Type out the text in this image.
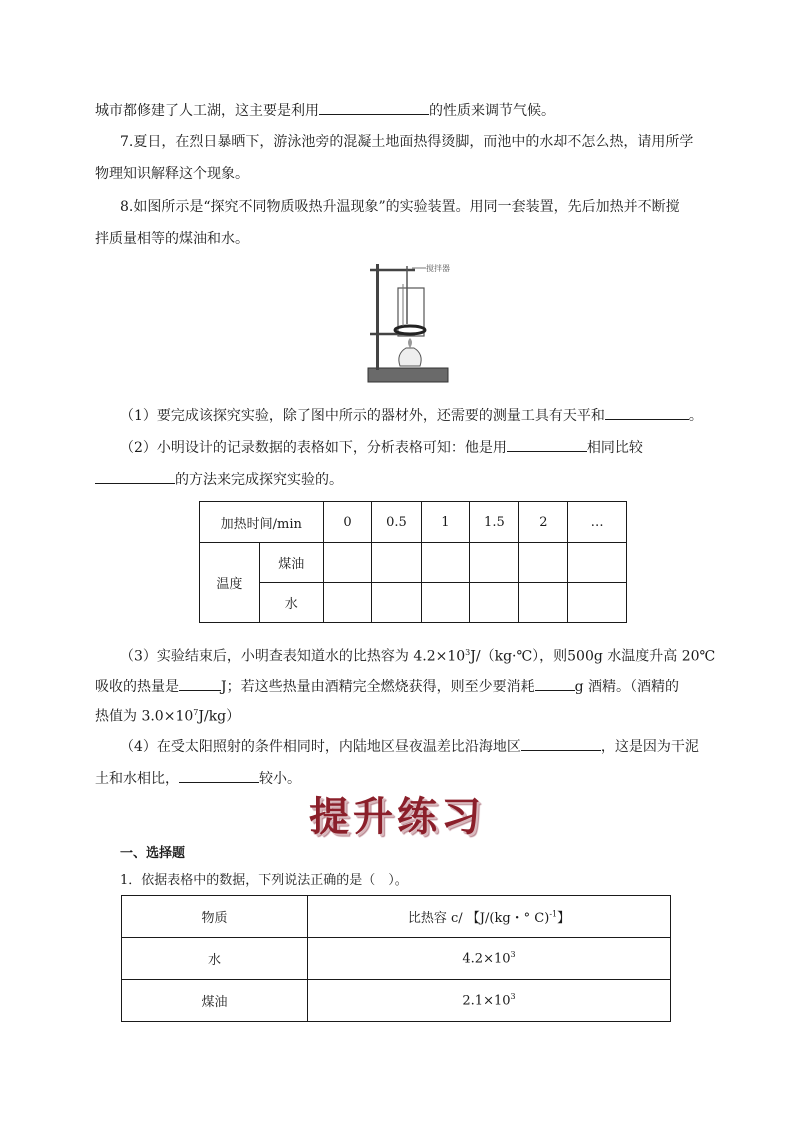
城市都修建了人工湖，这主要是利用	的性质来调节气候。
7.夏日，在烈日暴晒下，游泳池旁的混凝土地面热得烫脚，而池中的水却不怎么热，请用所学
物理知识解释这个现象。
8.如图所示是“探究不同物质吸热升温现象”的实验装置。用同一套装置，先后加热并不断搅
拌质量相等的煤油和水。
搅拌器
（1）要完成该探究实验，除了图中所示的器材外，还需要的测量工具有天平和	。
（2）小明设计的记录数据的表格如下，分析表格可知：他是用	相同比较
的方法来完成探究实验的。
加热时间/min		0	0.5	1	1.5	2	…
温度	煤油						
	水						
（3）实验结束后，小明查表知道水的比热容为 $4.2\times 10^3J/(kg\cdot℃)$，则500g 水温度升高 20℃
吸收的热量是	J；若这些热量由酒精完全燃烧获得，则至少要消耗	g 酒精。（酒精的
热值为 $3.0\times 10^7J/kg$）
（4）在受太阳照射的条件相同时，内陆地区昼夜温差比沿海地区	，这是因为干泥
土和水相比，	较小。
提升练习
一、选择题
1．依据表格中的数据，下列说法正确的是（　）。
物质	比热容 c/ 【J/(kg・° C)$^{-1}$】
水	$4.2\times 10^3$
煤油	$2.1\times 10^3$
